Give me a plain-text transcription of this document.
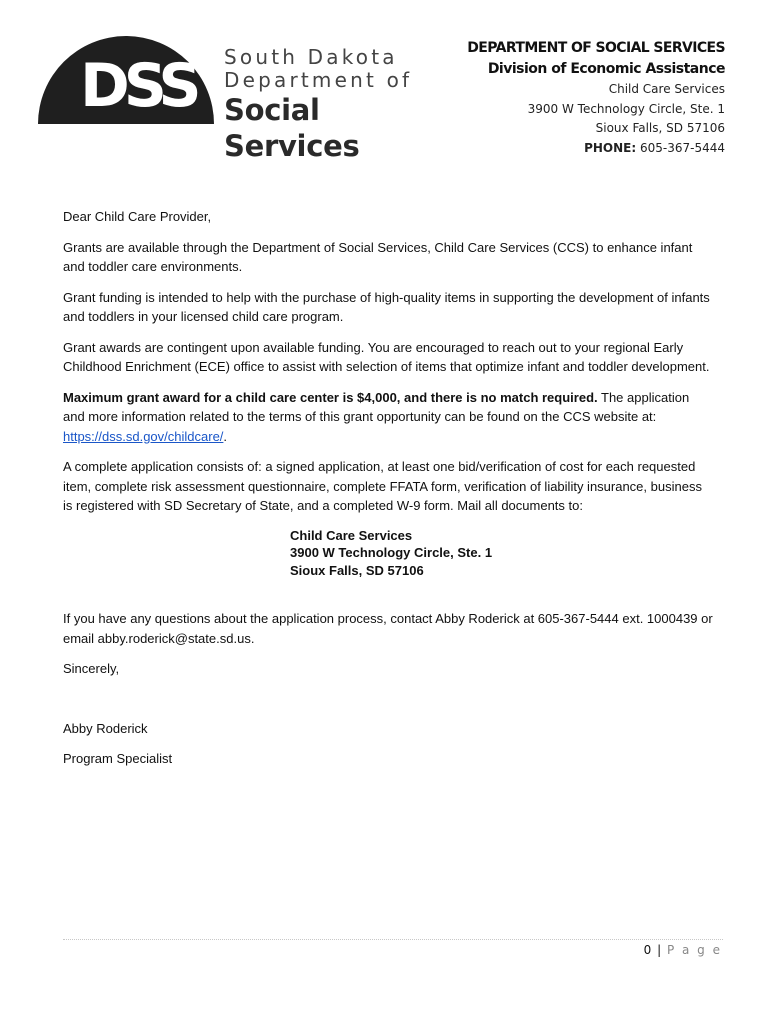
DSS South Dakota
Department of
Social Services
DEPARTMENT OF SOCIAL SERVICES
Division of Economic Assistance
Child Care Services
3900 W Technology Circle, Ste. 1
Sioux Falls, SD 57106
PHONE: 605-367-5444

Dear Child Care Provider,

Grants are available through the Department of Social Services, Child Care Services (CCS) to enhance infant and toddler care environments.

Grant funding is intended to help with the purchase of high-quality items in supporting the development of infants and toddlers in your licensed child care program.

Grant awards are contingent upon available funding. You are encouraged to reach out to your regional Early Childhood Enrichment (ECE) office to assist with selection of items that optimize infant and toddler development.

Maximum grant award for a child care center is $4,000, and there is no match required. The application and more information related to the terms of this grant opportunity can be found on the CCS website at: https://dss.sd.gov/childcare/.

A complete application consists of: a signed application, at least one bid/verification of cost for each requested item, complete risk assessment questionnaire, complete FFATA form, verification of liability insurance, business is registered with SD Secretary of State, and a completed W-9 form. Mail all documents to:

Child Care Services
3900 W Technology Circle, Ste. 1
Sioux Falls, SD 57106

If you have any questions about the application process, contact Abby Roderick at 605-367-5444 ext. 1000439 or email abby.roderick@state.sd.us.

Sincerely,

Abby Roderick

Program Specialist

0 | P a g e
